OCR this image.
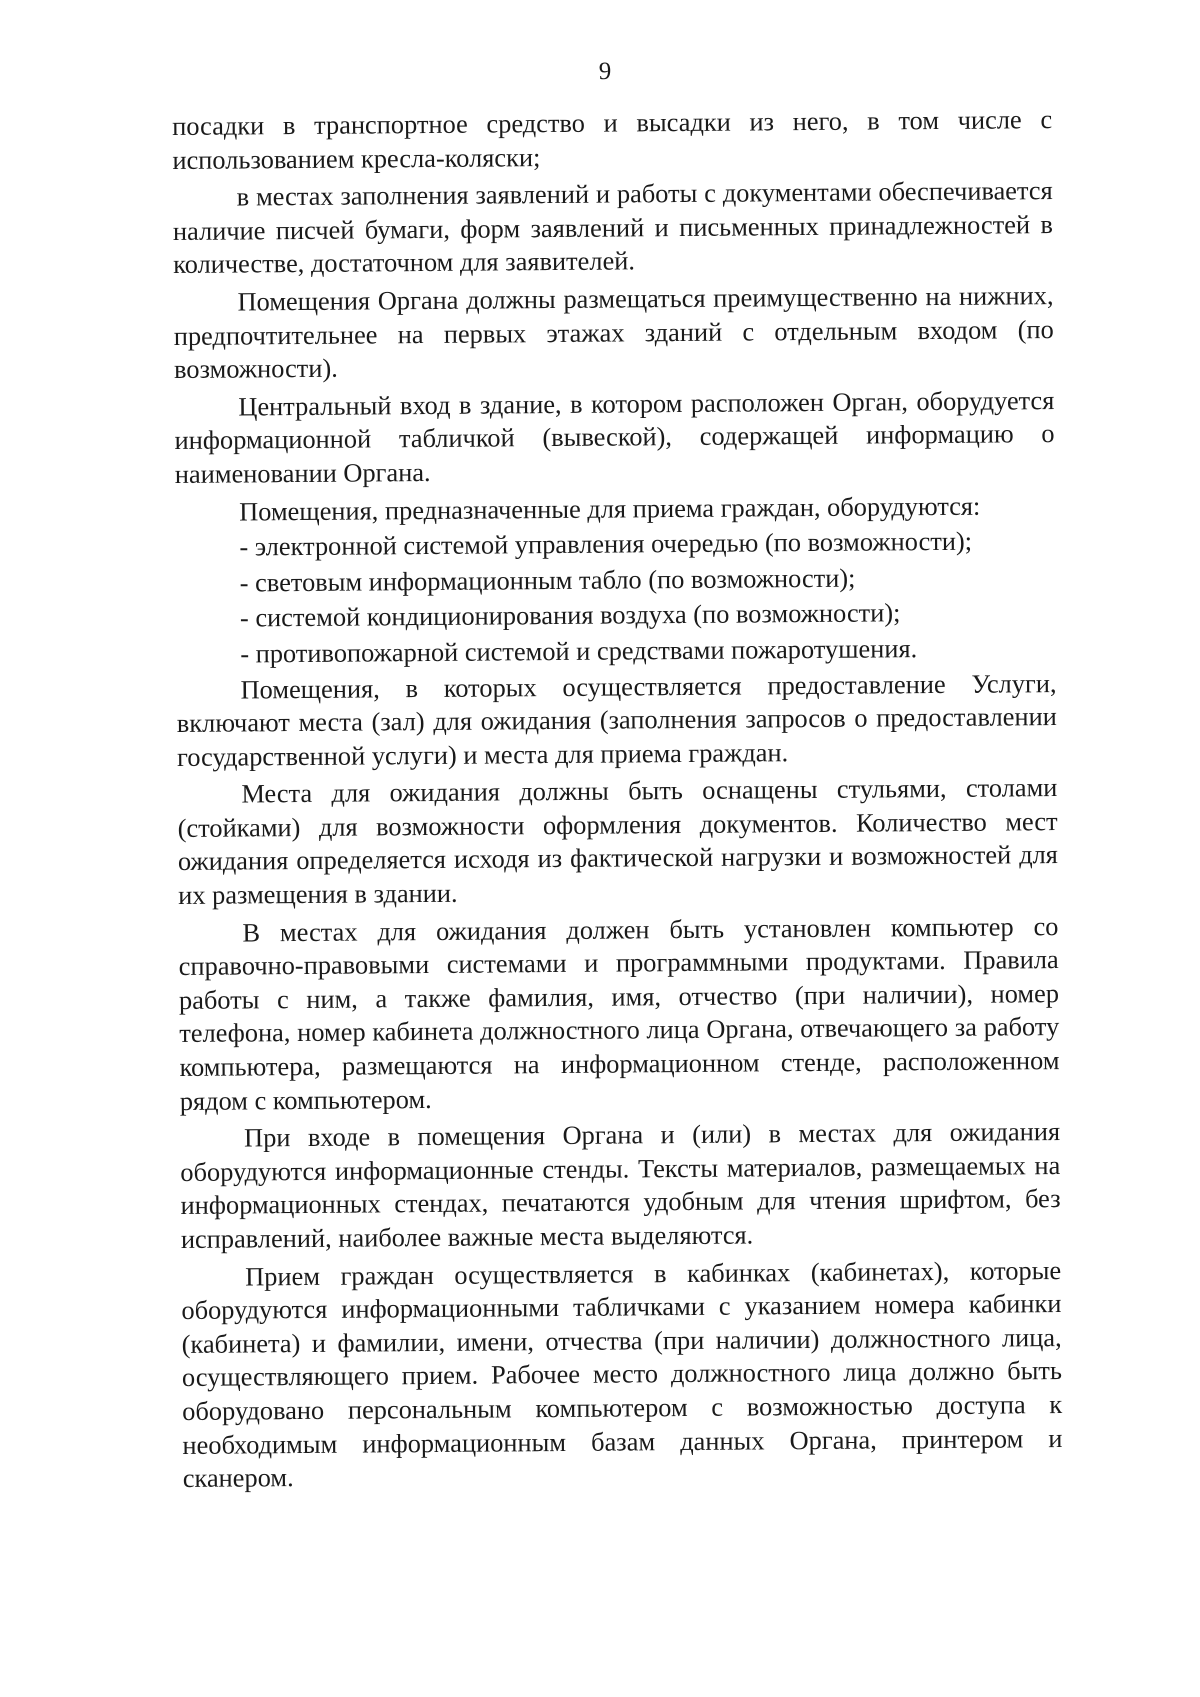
9

посадки в транспортное средство и высадки из него, в том числе с использованием кресла-коляски;

в местах заполнения заявлений и работы с документами обеспечивается наличие писчей бумаги, форм заявлений и письменных принадлежностей в количестве, достаточном для заявителей.

Помещения Органа должны размещаться преимущественно на нижних, предпочтительнее на первых этажах зданий с отдельным входом (по возможности).

Центральный вход в здание, в котором расположен Орган, оборудуется информационной табличкой (вывеской), содержащей информацию о наименовании Органа.

Помещения, предназначенные для приема граждан, оборудуются:

- электронной системой управления очередью (по возможности);

- световым информационным табло (по возможности);

- системой кондиционирования воздуха (по возможности);

- противопожарной системой и средствами пожаротушения.

Помещения, в которых осуществляется предоставление Услуги, включают места (зал) для ожидания (заполнения запросов о предоставлении государственной услуги) и места для приема граждан.

Места для ожидания должны быть оснащены стульями, столами (стойками) для возможности оформления документов. Количество мест ожидания определяется исходя из фактической нагрузки и возможностей для их размещения в здании.

В местах для ожидания должен быть установлен компьютер со справочно-правовыми системами и программными продуктами. Правила работы с ним, а также фамилия, имя, отчество (при наличии), номер телефона, номер кабинета должностного лица Органа, отвечающего за работу компьютера, размещаются на информационном стенде, расположенном рядом с компьютером.

При входе в помещения Органа и (или) в местах для ожидания оборудуются информационные стенды. Тексты материалов, размещаемых на информационных стендах, печатаются удобным для чтения шрифтом, без исправлений, наиболее важные места выделяются.

Прием граждан осуществляется в кабинках (кабинетах), которые оборудуются информационными табличками с указанием номера кабинки (кабинета) и фамилии, имени, отчества (при наличии) должностного лица, осуществляющего прием. Рабочее место должностного лица должно быть оборудовано персональным компьютером с возможностью доступа к необходимым информационным базам данных Органа, принтером и сканером.
